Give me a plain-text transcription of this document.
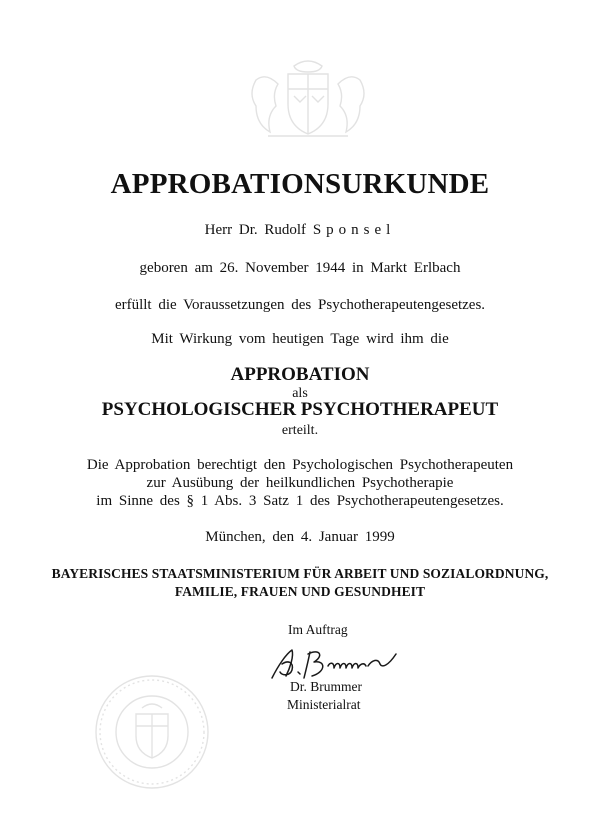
APPROBATIONSURKUNDE
Herr Dr. Rudolf Sponsel
geboren am 26. November 1944 in Markt Erlbach
erfüllt die Voraussetzungen des Psychotherapeutengesetzes.
Mit Wirkung vom heutigen Tage wird ihm die
APPROBATION
als
PSYCHOLOGISCHER PSYCHOTHERAPEUT
erteilt.
Die Approbation berechtigt den Psychologischen Psychotherapeuten
zur Ausübung der heilkundlichen Psychotherapie
im Sinne des § 1 Abs. 3 Satz 1 des Psychotherapeutengesetzes.
München, den 4. Januar 1999
BAYERISCHES STAATSMINISTERIUM FÜR ARBEIT UND SOZIALORDNUNG,
FAMILIE, FRAUEN UND GESUNDHEIT
Im Auftrag
Dr. Brummer
Ministerialrat
